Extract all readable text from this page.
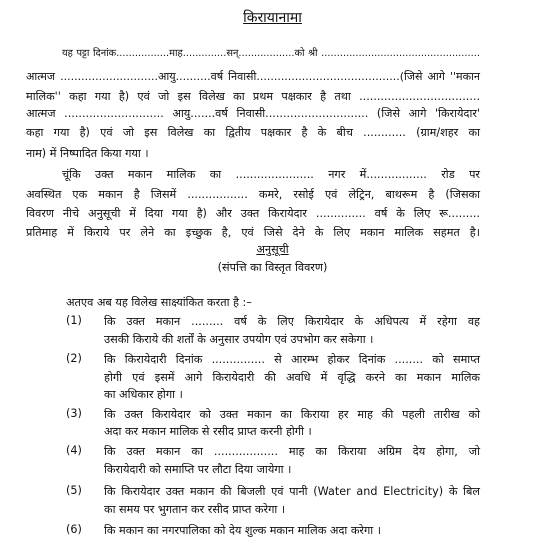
किरायानामा
यह पट्टा दिनांक.................माह..............सन्..................को श्री ...................................................
आत्मज ............................आयु..........वर्ष निवासी.........................................(जिसे आगे ''मकान
मालिक'' कहा गया है) एवं जो इस विलेख का प्रथम पक्षकार है तथा ..................................
आत्मज ............................ आयु.......वर्ष निवासी............................. (जिसे आगे 'किरायेदार'
कहा गया है) एवं जो इस विलेख का द्वितीय पक्षकार है के बीच ............ (ग्राम/शहर का
नाम) में निष्पादित किया गया ।
चूंकि उक्त मकान मालिक का ...................... नगर में................. रोड पर
अवस्थित एक मकान है जिसमें ................. कमरे, रसोई एवं लेट्रिन, बाथरूम है (जिसका
विवरण नीचे अनुसूची में दिया गया है) और उक्त किरायेदार .............. वर्ष के लिए रू.........
प्रतिमाह में किराये पर लेने का इच्छुक है, एवं जिसे देने के लिए मकान मालिक सहमत है।
अनुसूची
(संपत्ति का विस्तृत विवरण)
अतएव अब यह विलेख साक्ष्यांकित करता है :–
(1) कि उक्त मकान ......... वर्ष के लिए किरायेदार के अधिपत्य में रहेगा वह
उसकी किराये की शर्तों के अनुसार उपयोग एवं उपभोग कर सकेगा ।
(2) कि किरायेदारी दिनांक ............... से आरम्भ होकर दिनांक ........ को समाप्त
होगी एवं इसमें आगे किरायेदारी की अवधि में वृद्धि करने का मकान मालिक
का अधिकार होगा ।
(3) कि उक्त किरायेदार को उक्त मकान का किराया हर माह की पहली तारीख को
अदा कर मकान मालिक से रसीद प्राप्त करनी होगी ।
(4) कि उक्त मकान का .................. माह का किराया अग्रिम देय होगा, जो
किरायेदारी को समाप्ति पर लौटा दिया जायेगा ।
(5) कि किरायेदार उक्त मकान की बिजली एवं पानी (Water and Electricity) के बिल
का समय पर भुगतान कर रसीद प्राप्त करेगा ।
(6) कि मकान का नगरपालिका को देय शुल्क मकान मालिक अदा करेगा ।
